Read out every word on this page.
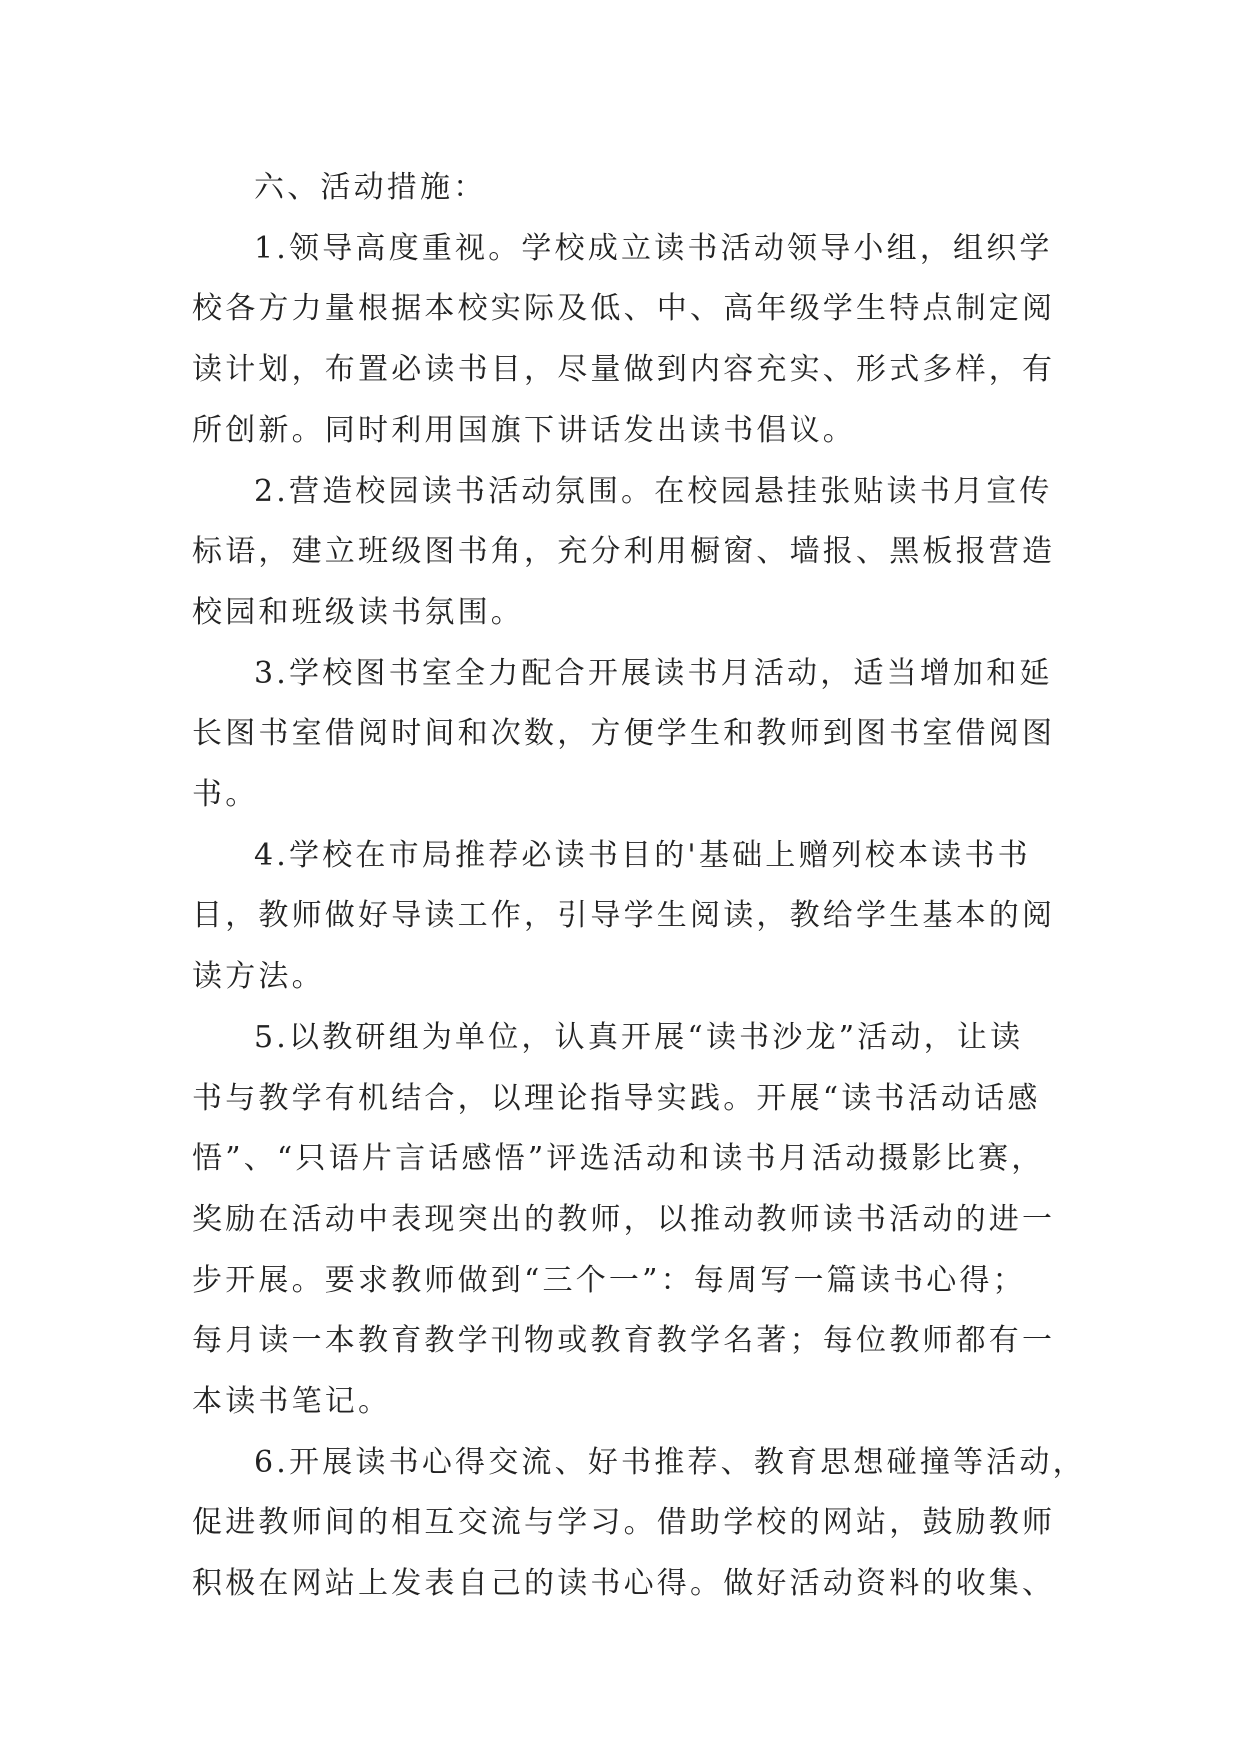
六、活动措施：
1.领导高度重视。学校成立读书活动领导小组，组织学
校各方力量根据本校实际及低、中、高年级学生特点制定阅
读计划，布置必读书目，尽量做到内容充实、形式多样，有
所创新。同时利用国旗下讲话发出读书倡议。
2.营造校园读书活动氛围。在校园悬挂张贴读书月宣传
标语，建立班级图书角，充分利用橱窗、墙报、黑板报营造
校园和班级读书氛围。
3.学校图书室全力配合开展读书月活动，适当增加和延
长图书室借阅时间和次数，方便学生和教师到图书室借阅图
书。
4.学校在市局推荐必读书目的'基础上赠列校本读书书
目，教师做好导读工作，引导学生阅读，教给学生基本的阅
读方法。
5.以教研组为单位，认真开展“读书沙龙”活动，让读
书与教学有机结合，以理论指导实践。开展“读书活动话感
悟”、“只语片言话感悟”评选活动和读书月活动摄影比赛，
奖励在活动中表现突出的教师，以推动教师读书活动的进一
步开展。要求教师做到“三个一”：每周写一篇读书心得；
每月读一本教育教学刊物或教育教学名著；每位教师都有一
本读书笔记。
6.开展读书心得交流、好书推荐、教育思想碰撞等活动，
促进教师间的相互交流与学习。借助学校的网站，鼓励教师
积极在网站上发表自己的读书心得。做好活动资料的收集、
